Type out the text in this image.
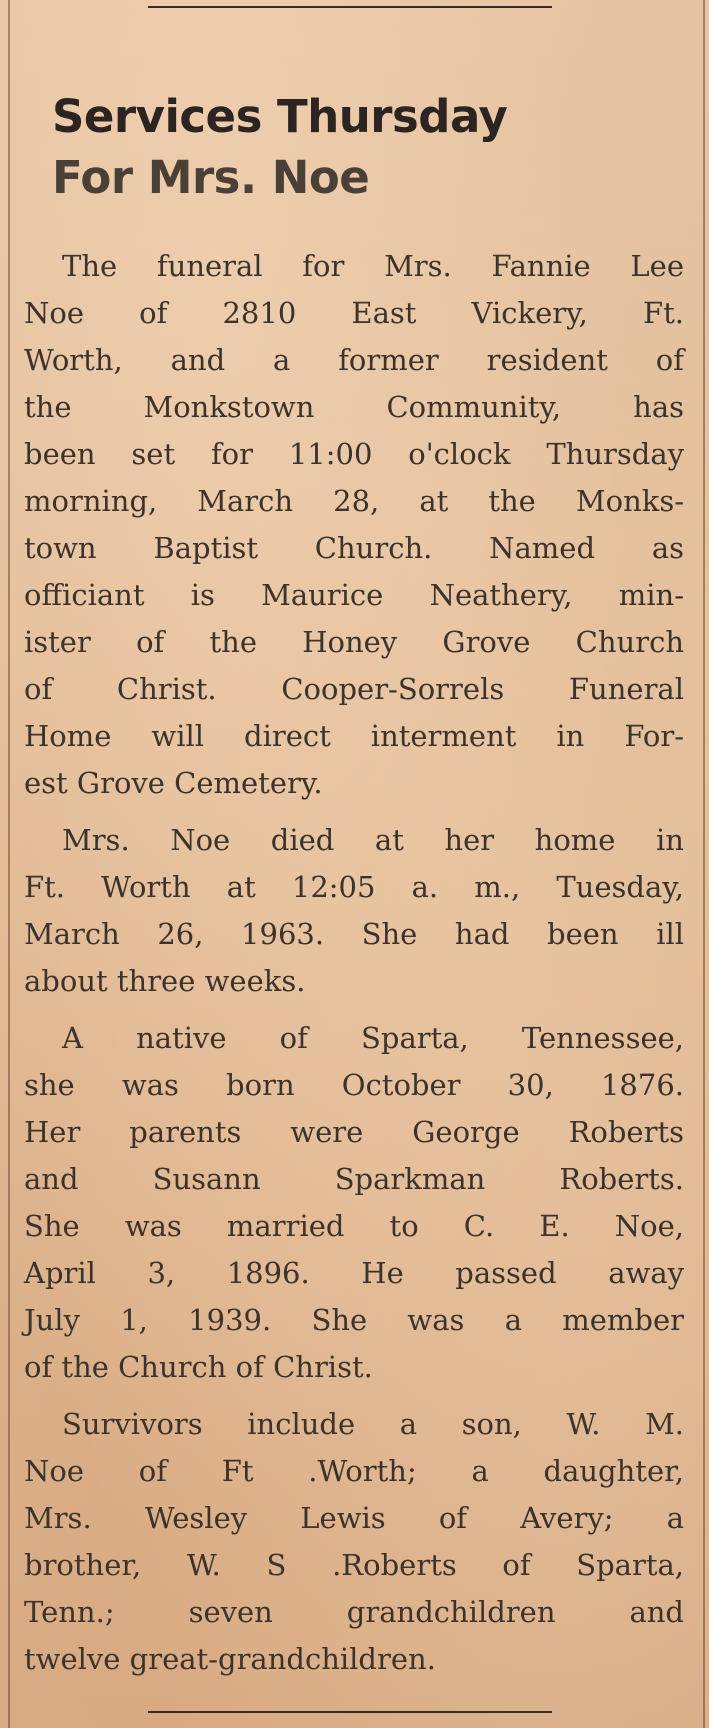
Services Thursday
For Mrs. Noe

The funeral for Mrs. Fannie Lee
Noe of 2810 East Vickery, Ft.
Worth, and a former resident of
the Monkstown Community, has
been set for 11:00 o'clock Thursday
morning, March 28, at the Monks-
town Baptist Church. Named as
officiant is Maurice Neathery, min-
ister of the Honey Grove Church
of Christ. Cooper-Sorrels Funeral
Home will direct interment in For-
est Grove Cemetery.

Mrs. Noe died at her home in
Ft. Worth at 12:05 a. m., Tuesday,
March 26, 1963. She had been ill
about three weeks.

A native of Sparta, Tennessee,
she was born October 30, 1876.
Her parents were George Roberts
and Susann Sparkman Roberts.
She was married to C. E. Noe,
April 3, 1896. He passed away
July 1, 1939. She was a member
of the Church of Christ.

Survivors include a son, W. M.
Noe of Ft .Worth; a daughter,
Mrs. Wesley Lewis of Avery; a
brother, W. S .Roberts of Sparta,
Tenn.; seven grandchildren and
twelve great-grandchildren.
